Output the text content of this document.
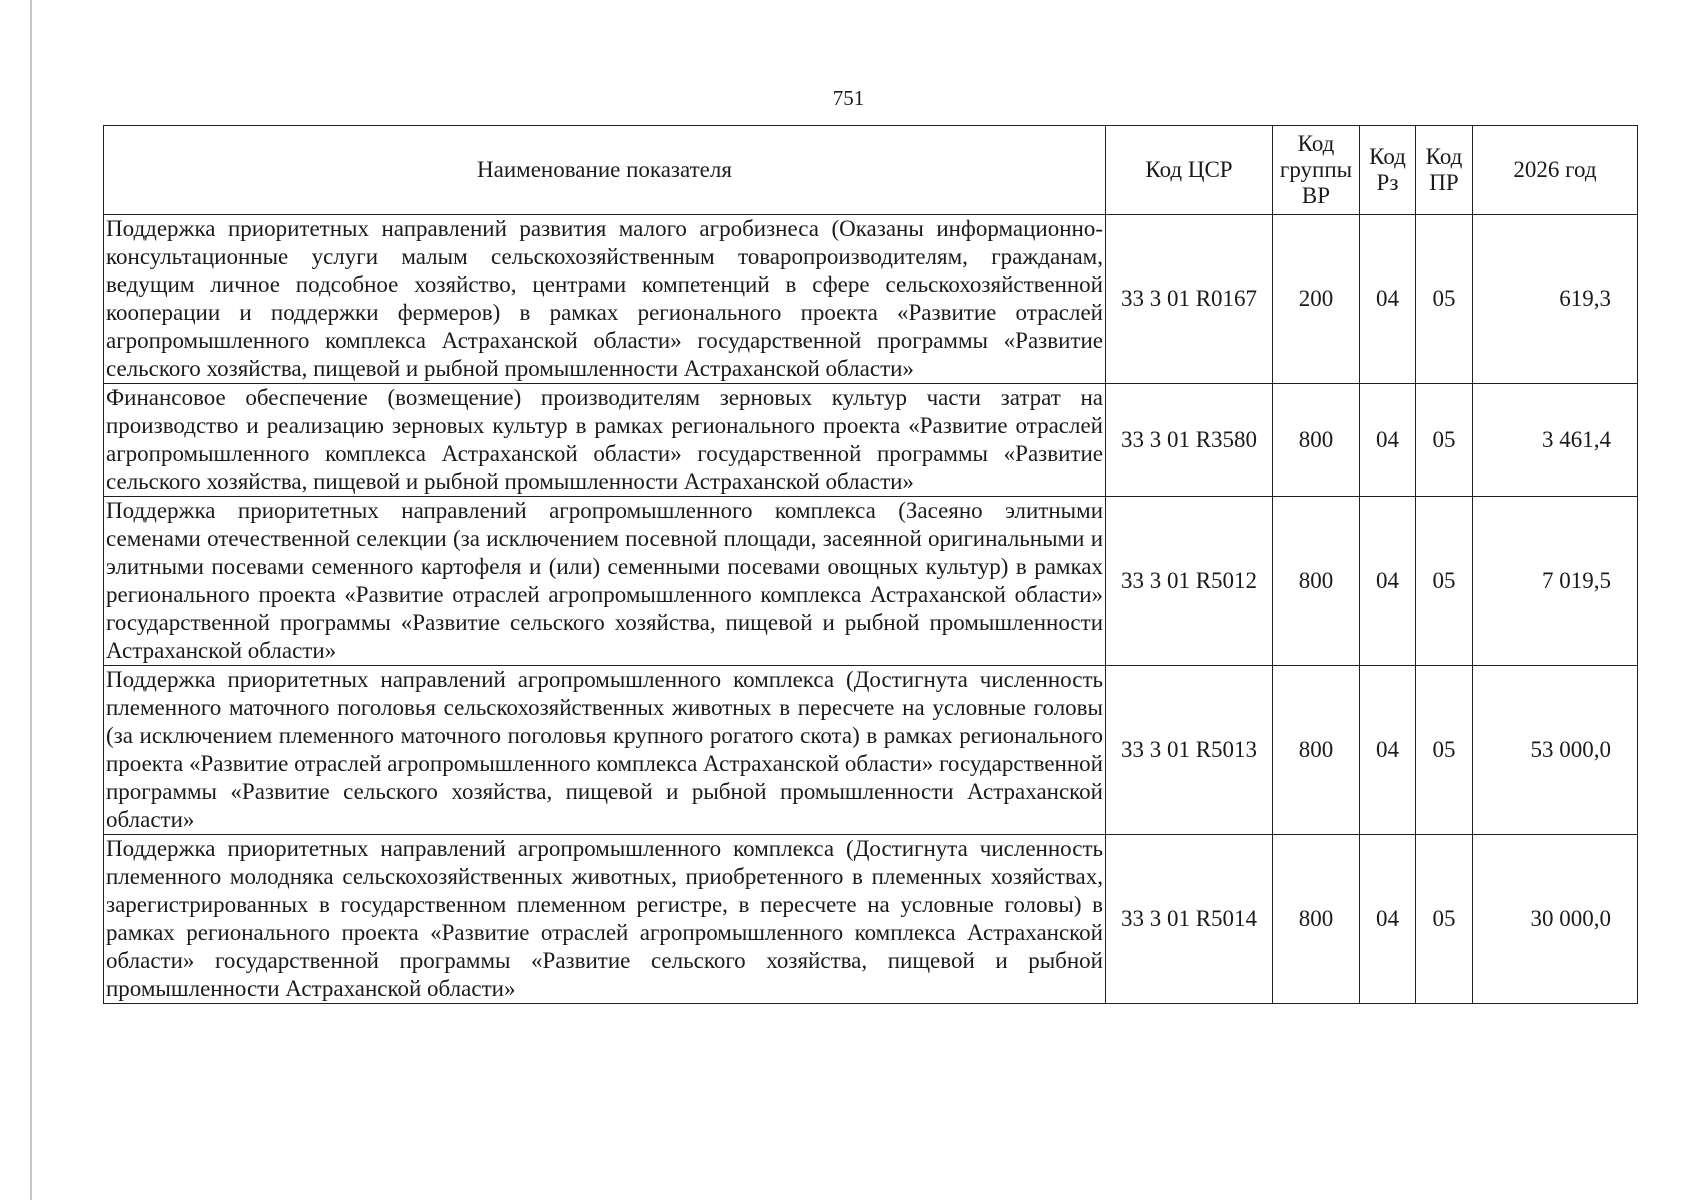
751
Наименование показателя	Код ЦСР	Код группы ВР	Код Рз	Код ПР	2026 год
Поддержка приоритетных направлений развития малого агробизнеса (Оказаны информационно-консультационные услуги малым сельскохозяйственным товаропроизводителям, гражданам, ведущим личное подсобное хозяйство, центрами компетенций в сфере сельскохозяйственной кооперации и поддержки фермеров) в рамках регионального проекта «Развитие отраслей агропромышленного комплекса Астраханской области» государственной программы «Развитие сельского хозяйства, пищевой и рыбной промышленности Астраханской области»	33 3 01 R0167	200	04	05	619,3
Финансовое обеспечение (возмещение) производителям зерновых культур части затрат на производство и реализацию зерновых культур в рамках регионального проекта «Развитие отраслей агропромышленного комплекса Астраханской области» государственной программы «Развитие сельского хозяйства, пищевой и рыбной промышленности Астраханской области»	33 3 01 R3580	800	04	05	3 461,4
Поддержка приоритетных направлений агропромышленного комплекса (Засеяно элитными семенами отечественной селекции (за исключением посевной площади, засеянной оригинальными и элитными посевами семенного картофеля и (или) семенными посевами овощных культур) в рамках регионального проекта «Развитие отраслей агропромышленного комплекса Астраханской области» государственной программы «Развитие сельского хозяйства, пищевой и рыбной промышленности Астраханской области»	33 3 01 R5012	800	04	05	7 019,5
Поддержка приоритетных направлений агропромышленного комплекса (Достигнута численность племенного маточного поголовья сельскохозяйственных животных в пересчете на условные головы (за исключением племенного маточного поголовья крупного рогатого скота) в рамках регионального проекта «Развитие отраслей агропромышленного комплекса Астраханской области» государственной программы «Развитие сельского хозяйства, пищевой и рыбной промышленности Астраханской области»	33 3 01 R5013	800	04	05	53 000,0
Поддержка приоритетных направлений агропромышленного комплекса (Достигнута численность племенного молодняка сельскохозяйственных животных, приобретенного в племенных хозяйствах, зарегистрированных в государственном племенном регистре, в пересчете на условные головы) в рамках регионального проекта «Развитие отраслей агропромышленного комплекса Астраханской области» государственной программы «Развитие сельского хозяйства, пищевой и рыбной промышленности Астраханской области»	33 3 01 R5014	800	04	05	30 000,0
